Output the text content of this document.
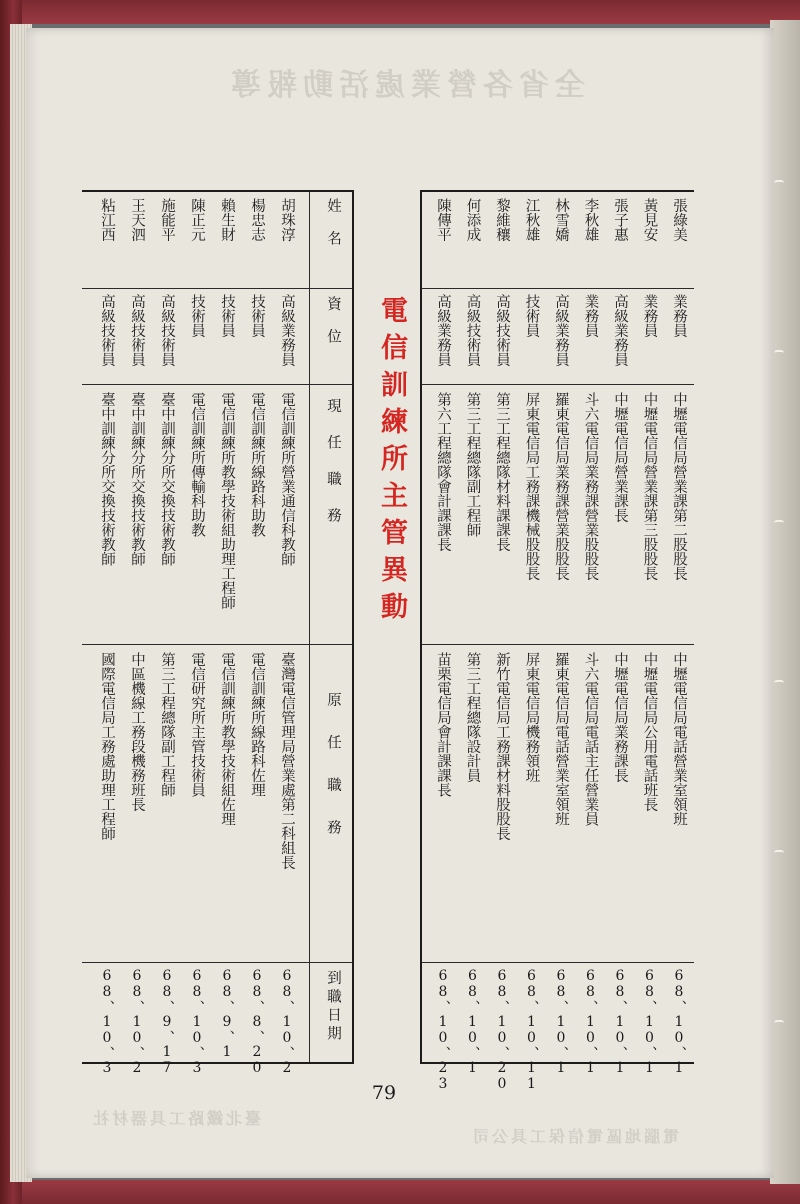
全省各營業處活動報導
臺北鐵路工具器材社
電腦地區電信保工具公司
姓名
資位
現任職務
原任職務
到職日期
胡珠淳
高級業務員
電信訓練所營業通信科教師
臺灣電信管理局營業處第二科組長
68、10、2
楊忠志
技術員
電信訓練所線路科助教
電信訓練所線路科佐理
68、8、20
賴生財
技術員
電信訓練所教學技術組助理工程師
電信訓練所教學技術組佐理
68、9、1
陳正元
技術員
電信訓練所傳輸科助教
電信研究所主管技術員
68、10、3
施能平
高級技術員
臺中訓練分所交換技術教師
第三工程總隊副工程師
68、9、17
王天泗
高級技術員
臺中訓練分所交換技術教師
中區機線工務段機務班長
68、10、2
粘江西
高級技術員
臺中訓練分所交換技術教師
國際電信局工務處助理工程師
68、10、3
張綠美
業務員
中壢電信局營業課第二股股長
中壢電信局電話營業室領班
68、10、1
黃見安
業務員
中壢電信局營業課第三股股長
中壢電信局公用電話班長
68、10、1
張子惠
高級業務員
中壢電信局營業課長
中壢電信局業務課長
68、10、1
李秋雄
業務員
斗六電信局業務課營業股股長
斗六電信局電話主任營業員
68、10、1
林雪嬌
高級業務員
羅東電信局業務課營業股股長
羅東電信局電話營業室領班
68、10、1
江秋雄
技術員
屏東電信局工務課機械股股長
屏東電信局機務領班
68、10、11
黎維穰
高級技術員
第三工程總隊材料課課長
新竹電信局工務課材料股股長
68、10、20
何添成
高級技術員
第三工程總隊副工程師
第三工程總隊設計員
68、10、1
陳傳平
高級業務員
第六工程總隊會計課課長
苗栗電信局會計課課長
68、10、23
電信訓練所主管異動
79
